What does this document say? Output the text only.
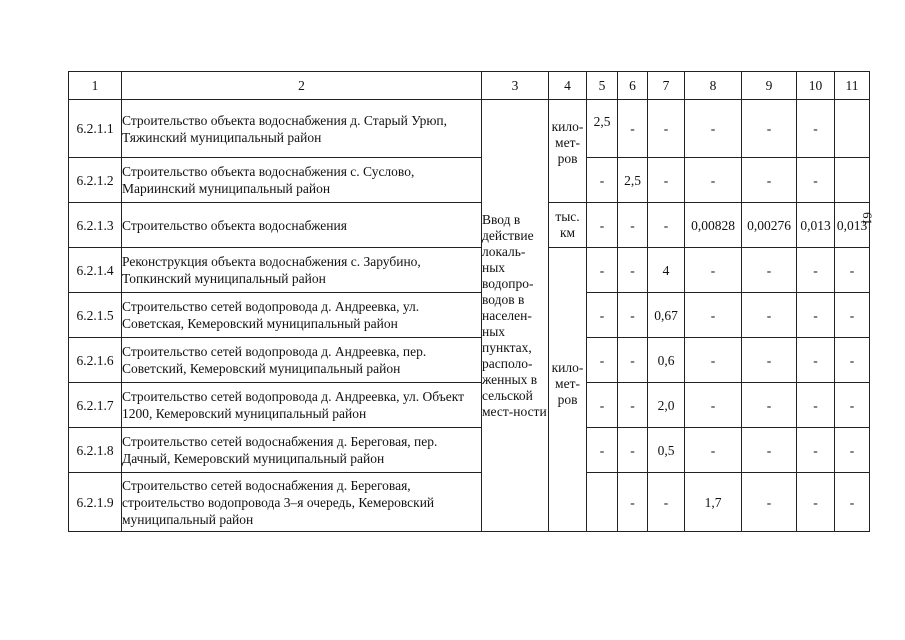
1	2	3	4	5	6	7	8	9	10	11	
6.2.1.1	Строительство объекта водоснабжения д. Старый Урюп, Тяжинский муниципальный район	Ввод в действие локаль-ных водопро-водов в населен-ных пунктах, располо-женных в сельской мест-ности	кило-мет-ров	2,5	-	-	-	-	-		
6.2.1.2	Строительство объекта водоснабжения с. Суслово, Мариинский муниципальный район			-	2,5	-	-	-	-		
6.2.1.3	Строительство объекта водоснабжения		тыс. км	-	-	-	0,00828	0,00276	0,013	0,013	
6.2.1.4	Реконструкция объекта водоснабжения с. Зарубино, Топкинский муниципальный район		кило-мет-ров	-	-	4	-	-	-	-	
6.2.1.5	Строительство сетей водопровода д. Андреевка, ул. Советская, Кемеровский муниципальный район			-	-	0,67	-	-	-	-	
6.2.1.6	Строительство сетей водопровода д. Андреевка, пер. Советский, Кемеровский муниципальный район			-	-	0,6	-	-	-	-	
6.2.1.7	Строительство сетей водопровода д. Андреевка, ул. Объект 1200, Кемеровский муниципальный район			-	-	2,0	-	-	-	-	
6.2.1.8	Строительство сетей водоснабжения д. Береговая, пер. Дачный, Кемеровский муниципальный район			-	-	0,5	-	-	-	-	
6.2.1.9	Строительство сетей водоснабжения д. Береговая, строительство водопровода 3–я очередь, Кемеровский муниципальный район				-	-	1,7	-	-	-	
61
